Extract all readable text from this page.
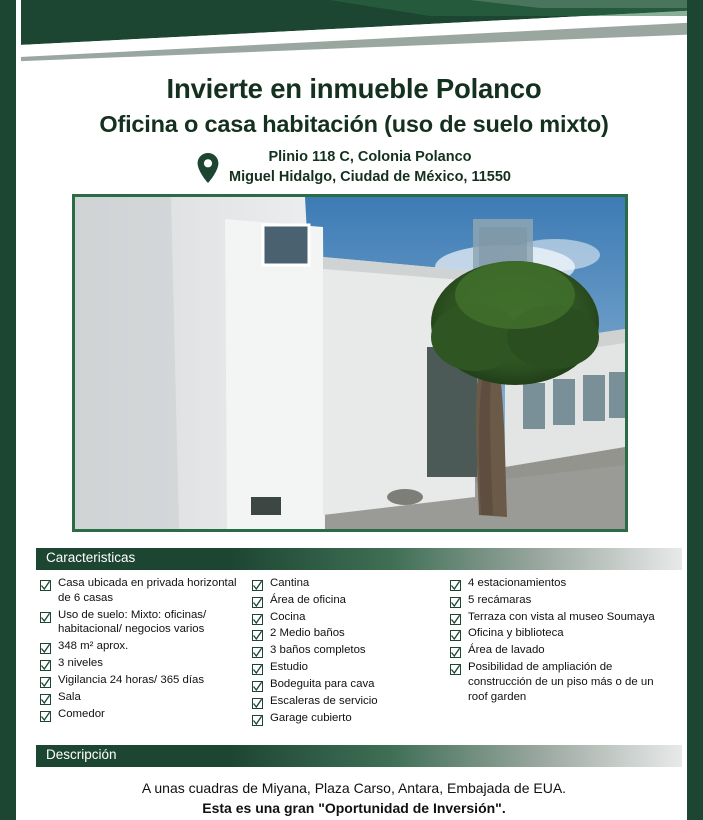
Invierte en inmueble Polanco
Oficina o casa habitación (uso de suelo mixto)
Plinio 118 C, Colonia Polanco
Miguel Hidalgo, Ciudad de México, 11550
Caracteristicas
Casa ubicada en privada horizontal de 6 casas
Uso de suelo: Mixto: oficinas/ habitacional/ negocios varios
348 m² aprox.
3 niveles
Vigilancia 24 horas/ 365 días
Sala
Comedor
Cantina
Área de oficina
Cocina
2 Medio baños
3 baños completos
Estudio
Bodeguita para cava
Escaleras de servicio
Garage cubierto
4 estacionamientos
5 recámaras
Terraza con vista al museo Soumaya
Oficina y biblioteca
Área de lavado
Posibilidad de ampliación de construcción de un piso más o de un roof garden
Descripción
A unas cuadras de Miyana, Plaza Carso, Antara, Embajada de EUA.
Esta es una gran "Oportunidad de Inversión".
